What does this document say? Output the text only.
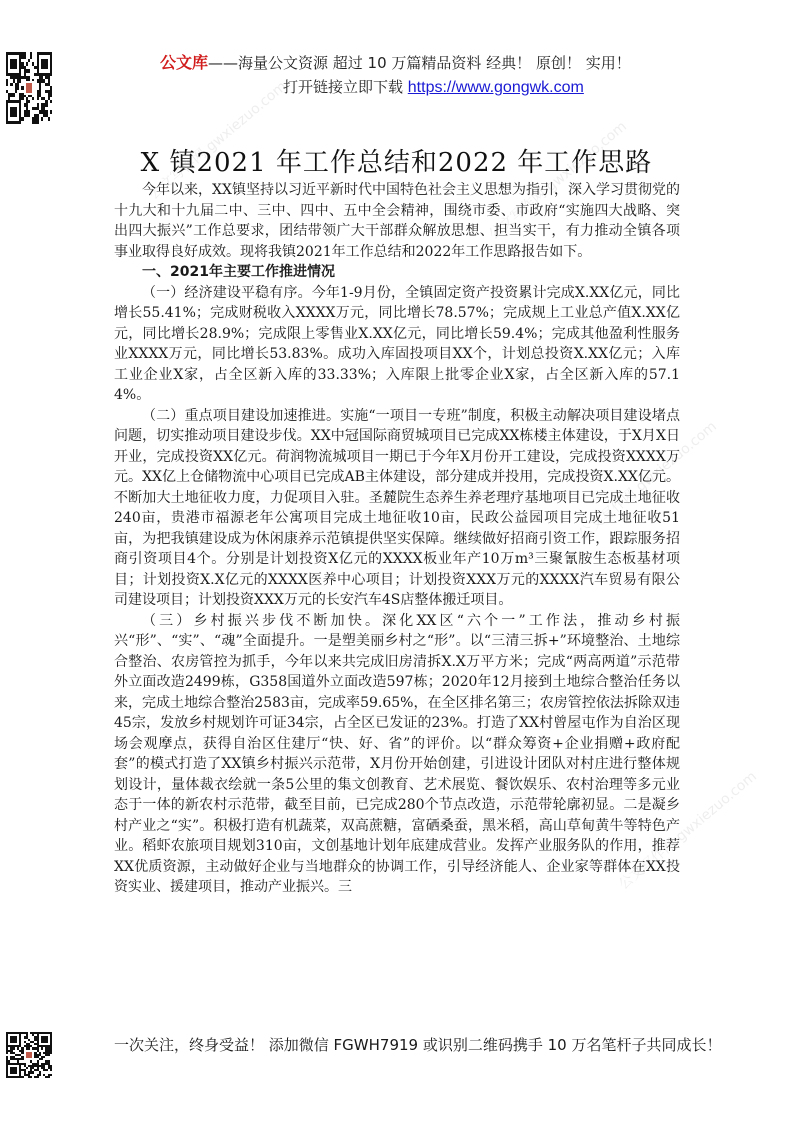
公文库——海量公文资源 超过 10 万篇精品资料 经典！ 原创！ 实用！
打开链接立即下载 https://www.gongwk.com
X 镇2021 年工作总结和2022 年工作思路

今年以来，XX镇坚持以习近平新时代中国特色社会主义思想为指引，深入学习贯彻党的十九大和十九届二中、三中、四中、五中全会精神，围绕市委、市政府“实施四大战略、突出四大振兴”工作总要求，团结带领广大干部群众解放思想、担当实干，有力推动全镇各项事业取得良好成效。现将我镇2021年工作总结和2022年工作思路报告如下。

一、2021年主要工作推进情况

（一）经济建设平稳有序。今年1-9月份，全镇固定资产投资累计完成X.XX亿元，同比增长55.41%；完成财税收入XXXX万元，同比增长78.57%；完成规上工业总产值X.XX亿元，同比增长28.9%；完成限上零售业X.XX亿元，同比增长59.4%；完成其他盈利性服务业XXXX万元，同比增长53.83%。成功入库固投项目XX个，计划总投资X.XX亿元；入库工业企业X家，占全区新入库的33.33%；入库限上批零企业X家，占全区新入库的57.14%。

（二）重点项目建设加速推进。实施“一项目一专班”制度，积极主动解决项目建设堵点问题，切实推动项目建设步伐。XX中冠国际商贸城项目已完成XX栋楼主体建设，于X月X日开业，完成投资XX亿元。荷润物流城项目一期已于今年X月份开工建设，完成投资XXXX万元。XX亿上仓储物流中心项目已完成AB主体建设，部分建成并投用，完成投资X.XX亿元。不断加大土地征收力度，力促项目入驻。圣麓院生态养生养老理疗基地项目已完成土地征收240亩，贵港市福源老年公寓项目完成土地征收10亩，民政公益园项目完成土地征收51亩，为把我镇建设成为休闲康养示范镇提供坚实保障。继续做好招商引资工作，跟踪服务招商引资项目4个。分别是计划投资X亿元的XXXX板业年产10万m³三聚氰胺生态板基材项目；计划投资X.X亿元的XXXX医养中心项目；计划投资XXX万元的XXXX汽车贸易有限公司建设项目；计划投资XXX万元的长安汽车4S店整体搬迁项目。

（三）乡村振兴步伐不断加快。深化XX区“六个一”工作法，推动乡村振兴“形”、“实”、“魂”全面提升。一是塑美丽乡村之“形”。以“三清三拆+”环境整治、土地综合整治、农房管控为抓手，今年以来共完成旧房清拆X.X万平方米；完成“两高两道”示范带外立面改造2499栋，G358国道外立面改造597栋；2020年12月接到土地综合整治任务以来，完成土地综合整治2583亩，完成率59.65%，在全区排名第三；农房管控依法拆除双违45宗，发放乡村规划许可证34宗，占全区已发证的23%。打造了XX村曾屋屯作为自治区现场会观摩点，获得自治区住建厅“快、好、省”的评价。以“群众筹资+企业捐赠+政府配套”的模式打造了XX镇乡村振兴示范带，X月份开始创建，引进设计团队对村庄进行整体规划设计，量体裁衣绘就一条5公里的集文创教育、艺术展览、餐饮娱乐、农村治理等多元业态于一体的新农村示范带，截至目前，已完成280个节点改造，示范带轮廓初显。二是凝乡村产业之“实”。积极打造有机蔬菜，双高蔗糖，富硒桑蚕，黑米稻，高山草甸黄牛等特色产业。稻虾农旅项目规划310亩，文创基地计划年底建成营业。发挥产业服务队的作用，推荐XX优质资源，主动做好企业与当地群众的协调工作，引导经济能人、企业家等群体在XX投资实业、援建项目，推动产业振兴。三

一次关注，终身受益！ 添加微信 FGWH7919 或识别二维码携手 10 万名笔杆子共同成长！
公文写作网 gwxiezuo.com	公文写作网 gwxiezuo.com
公文写作网 gwxiezuo.com
公文写作网 gwxiezuo.com
